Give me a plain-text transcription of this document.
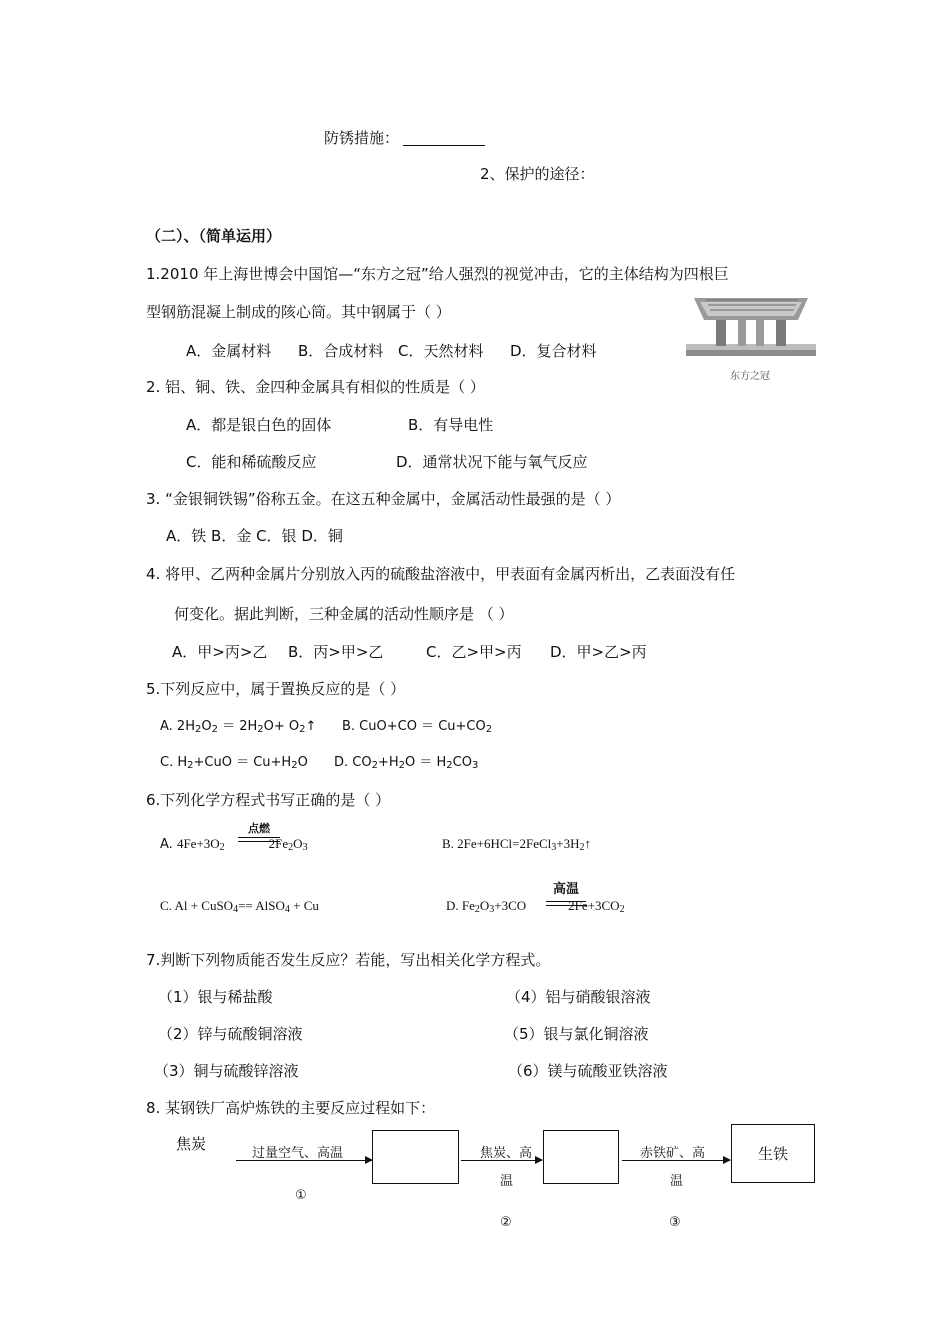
防锈措施：
2、保护的途径：
（二）、（简单运用）
1.2010 年上海世博会中国馆—“东方之冠”给人强烈的视觉冲击，它的主体结构为四根巨
型钢筋混凝上制成的陔心筒。其中钢属于（ ）
A．金属材料 B．合成材料 C．天然材料 D．复合材料
东方之冠
2. 铝、铜、铁、金四种金属具有相似的性质是（ ）
A．都是银白色的固体	B．有导电性
C．能和稀硫酸反应	D．通常状况下能与氧气反应
3. “金银铜铁锡”俗称五金。在这五种金属中，金属活动性最强的是（ ）
A．铁 B．金 C．银 D．铜
4. 将甲、乙两种金属片分别放入丙的硫酸盐溶液中，甲表面有金属丙析出，乙表面没有任
何变化。据此判断，三种金属的活动性顺序是 （ ）
A．甲>丙>乙 B．丙>甲>乙	C．乙>甲>丙 D．甲>乙>丙
5.下列反应中，属于置换反应的是（ ）
A. $2H_2O_2 = 2H_2O+$ $O_2↑$ B. $CuO+CO = Cu+CO_2$
C. $H_2+CuO = Cu+H_2O$ D. $CO_2+H_2O = H_2CO_3$
6.下列化学方程式书写正确的是（ ）
A. $4Fe+3O_2$	$2Fe_2O_3$
点燃
B. $2Fe+6HCl=2FeCl_3+3H_2↑$
C. Al + CuSO$_4$== AlSO$_4$ + Cu	D. $Fe_2O_3+3CO$	$2Fe+3CO_2$
高温
7.判断下列物质能否发生反应？若能，写出相关化学方程式。
（1）银与稀盐酸	（4）铝与硝酸银溶液
（2）锌与硫酸铜溶液	（5）银与氯化铜溶液
（3）铜与硫酸锌溶液	（6）镁与硫酸亚铁溶液
8. 某钢铁厂高炉炼铁的主要反应过程如下：
焦炭
过量空气、高温	焦炭、高
温
赤铁矿、高
温
生铁
①
②	③
